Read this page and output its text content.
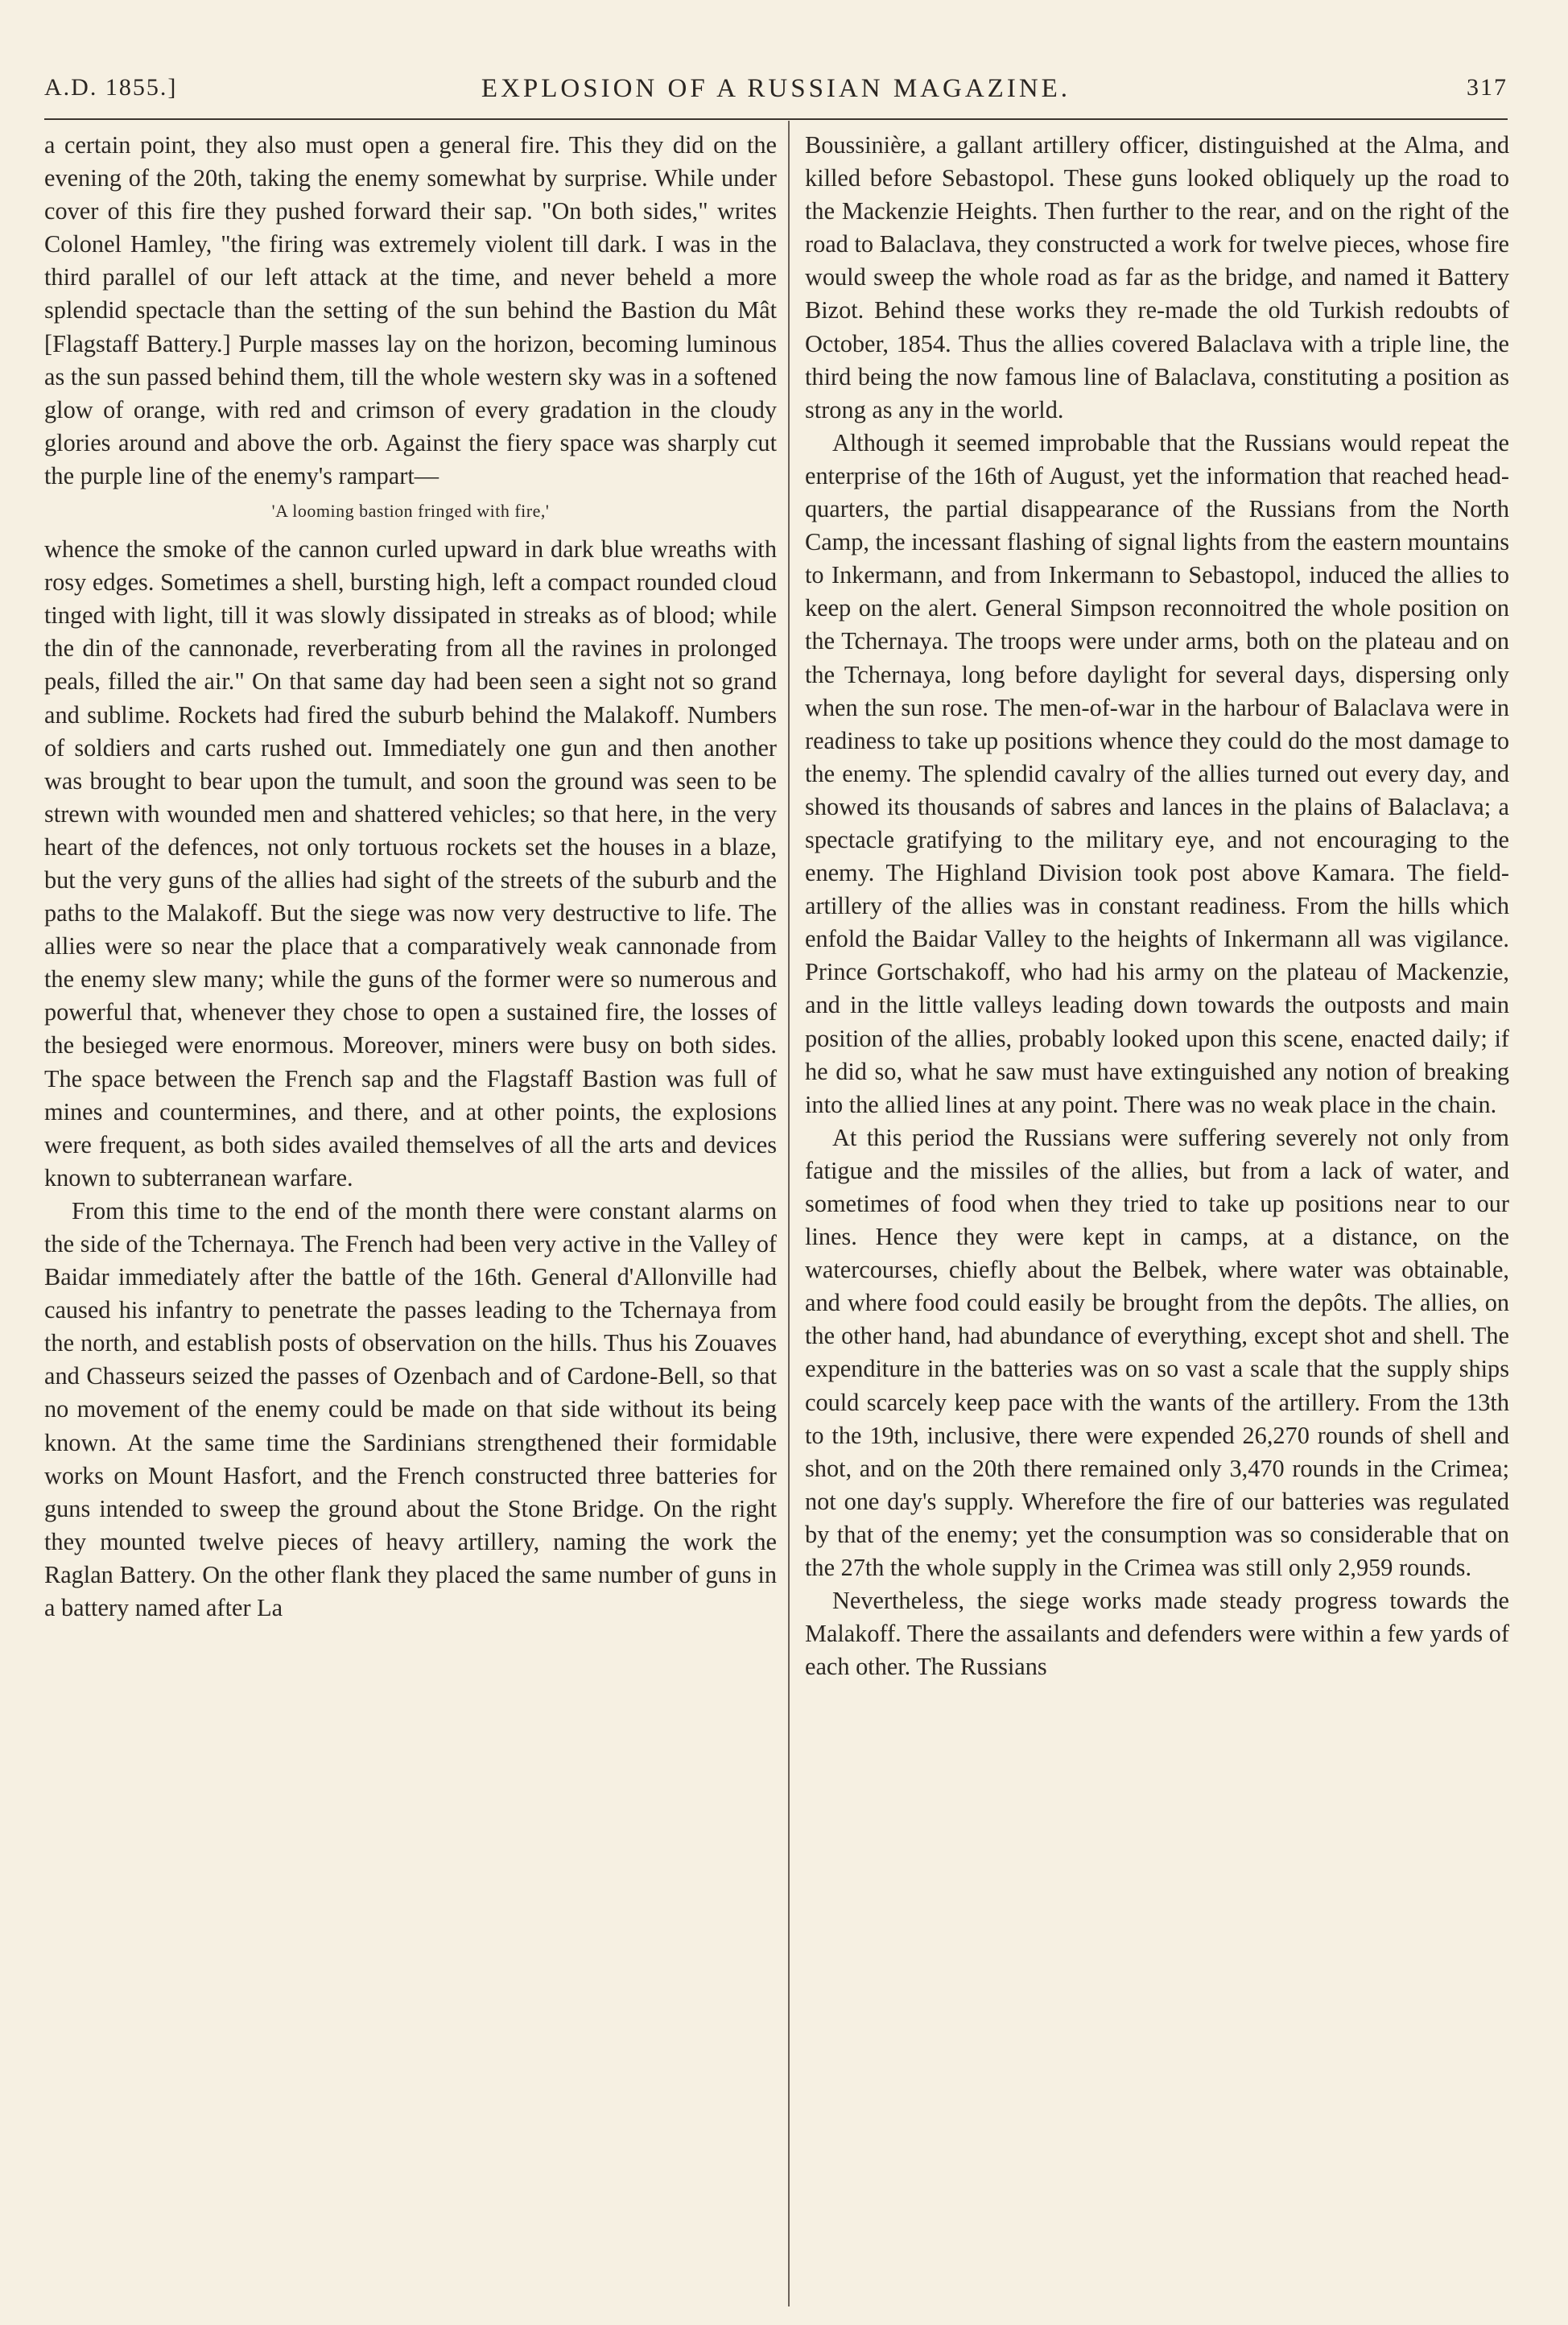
A.D. 1855.]	EXPLOSION OF A RUSSIAN MAGAZINE.	317

a certain point, they also must open a general fire. This they did on the evening of the 20th, taking the enemy somewhat by surprise. While under cover of this fire they pushed forward their sap. "On both sides," writes Colonel Hamley, "the firing was extremely violent till dark. I was in the third parallel of our left attack at the time, and never beheld a more splendid spectacle than the setting of the sun behind the Bastion du Mât [Flagstaff Battery.] Purple masses lay on the horizon, becoming luminous as the sun passed behind them, till the whole western sky was in a softened glow of orange, with red and crimson of every gradation in the cloudy glories around and above the orb. Against the fiery space was sharply cut the purple line of the enemy's rampart—

'A looming bastion fringed with fire,'

whence the smoke of the cannon curled upward in dark blue wreaths with rosy edges. Sometimes a shell, bursting high, left a compact rounded cloud tinged with light, till it was slowly dissipated in streaks as of blood; while the din of the cannonade, reverberating from all the ravines in prolonged peals, filled the air." On that same day had been seen a sight not so grand and sublime. Rockets had fired the suburb behind the Malakoff. Numbers of soldiers and carts rushed out. Immediately one gun and then another was brought to bear upon the tumult, and soon the ground was seen to be strewn with wounded men and shattered vehicles; so that here, in the very heart of the defences, not only tortuous rockets set the houses in a blaze, but the very guns of the allies had sight of the streets of the suburb and the paths to the Malakoff. But the siege was now very destructive to life. The allies were so near the place that a comparatively weak cannonade from the enemy slew many; while the guns of the former were so numerous and powerful that, whenever they chose to open a sustained fire, the losses of the besieged were enormous. Moreover, miners were busy on both sides. The space between the French sap and the Flagstaff Bastion was full of mines and countermines, and there, and at other points, the explosions were frequent, as both sides availed themselves of all the arts and devices known to subterranean warfare.

From this time to the end of the month there were constant alarms on the side of the Tchernaya. The French had been very active in the Valley of Baidar immediately after the battle of the 16th. General d'Allonville had caused his infantry to penetrate the passes leading to the Tchernaya from the north, and establish posts of observation on the hills. Thus his Zouaves and Chasseurs seized the passes of Ozenbach and of Cardone-Bell, so that no movement of the enemy could be made on that side without its being known. At the same time the Sardinians strengthened their formidable works on Mount Hasfort, and the French constructed three batteries for guns intended to sweep the ground about the Stone Bridge. On the right they mounted twelve pieces of heavy artillery, naming the work the Raglan Battery. On the other flank they placed the same number of guns in a battery named after La

Boussinière, a gallant artillery officer, distinguished at the Alma, and killed before Sebastopol. These guns looked obliquely up the road to the Mackenzie Heights. Then further to the rear, and on the right of the road to Balaclava, they constructed a work for twelve pieces, whose fire would sweep the whole road as far as the bridge, and named it Battery Bizot. Behind these works they re-made the old Turkish redoubts of October, 1854. Thus the allies covered Balaclava with a triple line, the third being the now famous line of Balaclava, constituting a position as strong as any in the world.

Although it seemed improbable that the Russians would repeat the enterprise of the 16th of August, yet the information that reached head-quarters, the partial disappearance of the Russians from the North Camp, the incessant flashing of signal lights from the eastern mountains to Inkermann, and from Inkermann to Sebastopol, induced the allies to keep on the alert. General Simpson reconnoitred the whole position on the Tchernaya. The troops were under arms, both on the plateau and on the Tchernaya, long before daylight for several days, dispersing only when the sun rose. The men-of-war in the harbour of Balaclava were in readiness to take up positions whence they could do the most damage to the enemy. The splendid cavalry of the allies turned out every day, and showed its thousands of sabres and lances in the plains of Balaclava; a spectacle gratifying to the military eye, and not encouraging to the enemy. The Highland Division took post above Kamara. The field-artillery of the allies was in constant readiness. From the hills which enfold the Baidar Valley to the heights of Inkermann all was vigilance. Prince Gortschakoff, who had his army on the plateau of Mackenzie, and in the little valleys leading down towards the outposts and main position of the allies, probably looked upon this scene, enacted daily; if he did so, what he saw must have extinguished any notion of breaking into the allied lines at any point. There was no weak place in the chain.

At this period the Russians were suffering severely not only from fatigue and the missiles of the allies, but from a lack of water, and sometimes of food when they tried to take up positions near to our lines. Hence they were kept in camps, at a distance, on the watercourses, chiefly about the Belbek, where water was obtainable, and where food could easily be brought from the depôts. The allies, on the other hand, had abundance of everything, except shot and shell. The expenditure in the batteries was on so vast a scale that the supply ships could scarcely keep pace with the wants of the artillery. From the 13th to the 19th, inclusive, there were expended 26,270 rounds of shell and shot, and on the 20th there remained only 3,470 rounds in the Crimea; not one day's supply. Wherefore the fire of our batteries was regulated by that of the enemy; yet the consumption was so considerable that on the 27th the whole supply in the Crimea was still only 2,959 rounds.

Nevertheless, the siege works made steady progress towards the Malakoff. There the assailants and defenders were within a few yards of each other. The Russians
